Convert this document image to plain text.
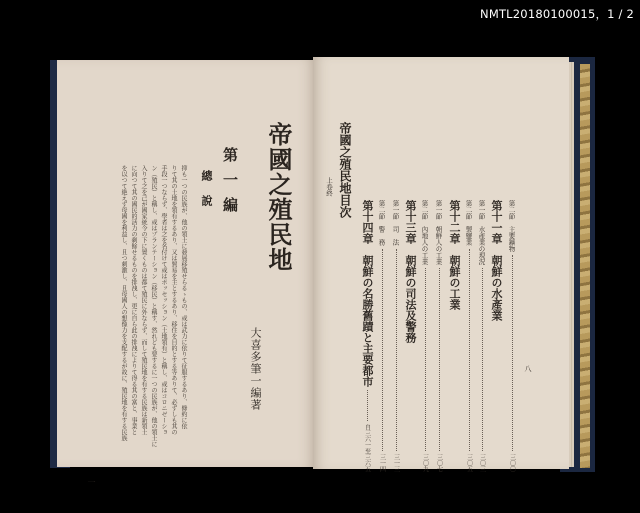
NMTL20180100015，1 / 2
帝國之殖民地
第一編
總說
大喜多筆一編著
抑も一つの民族が、他の領土に發展移殖せらるゝもの、或は武力に依りて征服するあり、條約に依
りて其の土地を領有するあり、又は貿易を主とするあり、移住を目的とする等ありて、必ずしも其の
手段一つならず、學者は之を名付けて或はポッセッション（土地領有）と稱し、或はコロニゼーショ
ン（殖民）と稱し、或はプランテーション（移民）と稱す、然れども要するに一つの民族が、他の領土に
入りて之を己が國家統令の下に置くものは都て殖民に外ならず、而して殖民地を有する民族は新領土
に向つて其の國民的活力の剩餘せるものを排洩し、更に自ら此の排洩によりて得る其の富と、事業と
を以つて絶えず母國を利益し、且つ刺激し、且母國人の想像力を支配するが故に、殖民地を有する民族
一
第二節　主要鑛物
三〇〇
第十一章　朝鮮の水產業
第一節　水產業の現況
三〇三
第二節　製鹽業
三〇五
第十二章　朝鮮の工業
第一節　朝鮮人の工業
三〇七
第二節　內地人の工業
三〇九
第十三章　朝鮮の司法及警務
第一節　司　法
三一三
第二節　警　務
三一四
第十四章　朝鮮の名勝舊蹟と主要都市
自三六一至三六五
帝國之殖民地目次
上卷終
八
